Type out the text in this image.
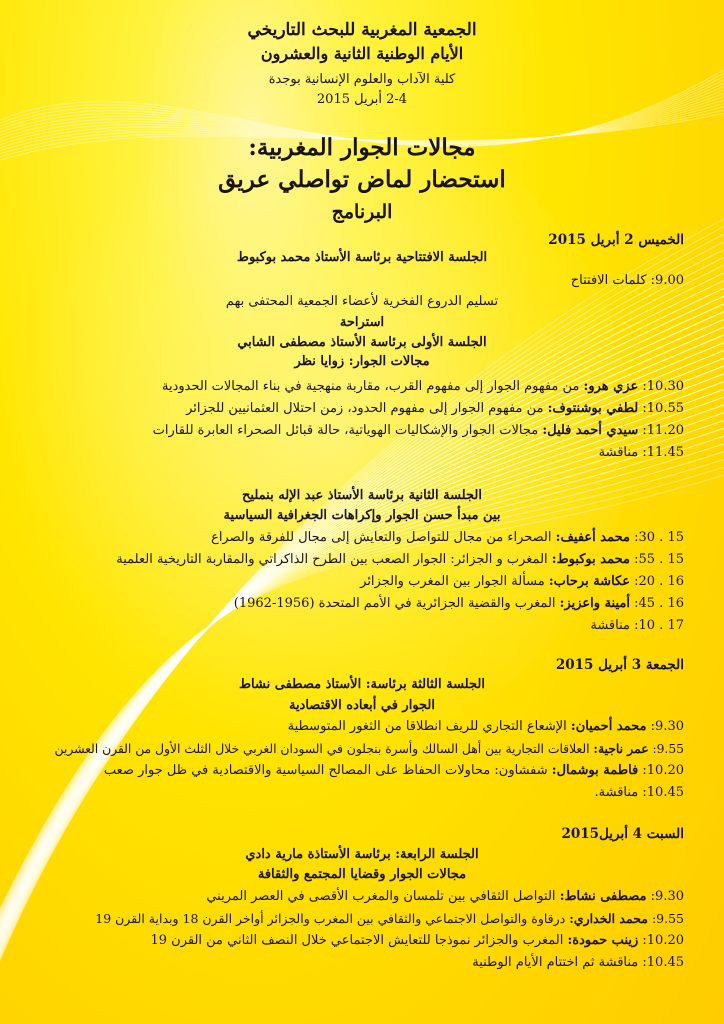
الجمعية المغربية للبحث التاريخي
الأيام الوطنية الثانية والعشرون
كلية الآداب والعلوم الإنسانية بوجدة
2-4 أبريل 2015
مجالات الجوار المغربية:
استحضار لماض تواصلي عريق
البرنامج
الخميس 2 أبريل 2015
الجلسة الافتتاحية برئاسة الأستاذ محمد بوكبوط
9.00: كلمات الافتتاح
تسليم الدروع الفخرية لأعضاء الجمعية المحتفى بهم
استراحة
الجلسة الأولى برئاسة الأستاذ مصطفى الشابي
مجالات الجوار: زوايا نظر
10.30: عزي هرو: من مفهوم الجوار إلى مفهوم القرب، مقاربة منهجية في بناء المجالات الحدودية
10.55: لطفي بوشنتوف: من مفهوم الجوار إلى مفهوم الحدود، زمن احتلال العثمانيين للجزائر
11.20: سيدي أحمد فليل: مجالات الجوار والإشكاليات الهوياتية، حالة قبائل الصحراء العابرة للقارات
11.45: مناقشة
الجلسة الثانية برئاسة الأستاذ عبد الإله بنمليح
بين مبدأ حسن الجوار وإكراهات الجغرافية السياسية
15 . 30: محمد أعفيف: الصحراء من مجال للتواصل والتعايش إلى مجال للفرقة والصراع
15 . 55: محمد بوكبوط: المغرب و الجزائر: الجوار الصعب بين الطرح الذاكراتي والمقاربة التاريخية العلمية
16 . 20: عكاشة برحاب: مسألة الجوار بين المغرب والجزائر
16 . 45: أمينة واعزيز: المغرب والقضية الجزائرية في الأمم المتحدة (1956-1962)
17 . 10: مناقشة
الجمعة 3 أبريل 2015
الجلسة الثالثة برئاسة: الأستاذ مصطفى نشاط
الجوار في أبعاده الاقتصادية
9.30: محمد أحميان: الإشعاع التجاري للريف انطلاقا من الثغور المتوسطية
9.55: عمر ناجية: العلاقات التجارية بين أهل السالك وأسرة بنجلون في السودان الغربي خلال الثلث الأول من القرن العشرين
10.20: فاطمة بوشمال: شفشاون: محاولات الحفاظ على المصالح السياسية والاقتصادية في ظل جوار صعب
10.45: مناقشة.
السبت 4 أبريل2015
الجلسة الرابعة: برئاسة الأستاذة مارية دادي
مجالات الجوار وقضايا المجتمع والثقافة
9.30: مصطفى نشاط: التواصل الثقافي بين تلمسان والمغرب الأقصى في العصر المريني
9.55: محمد الخداري: درقاوة والتواصل الاجتماعي والثقافي بين المغرب والجزائر أواخر القرن 18 وبداية القرن 19
10.20: زينب حمودة: المغرب والجزائر نموذجا للتعايش الاجتماعي خلال النصف الثاني من القرن 19
10.45: مناقشة ثم اختتام الأيام الوطنية
